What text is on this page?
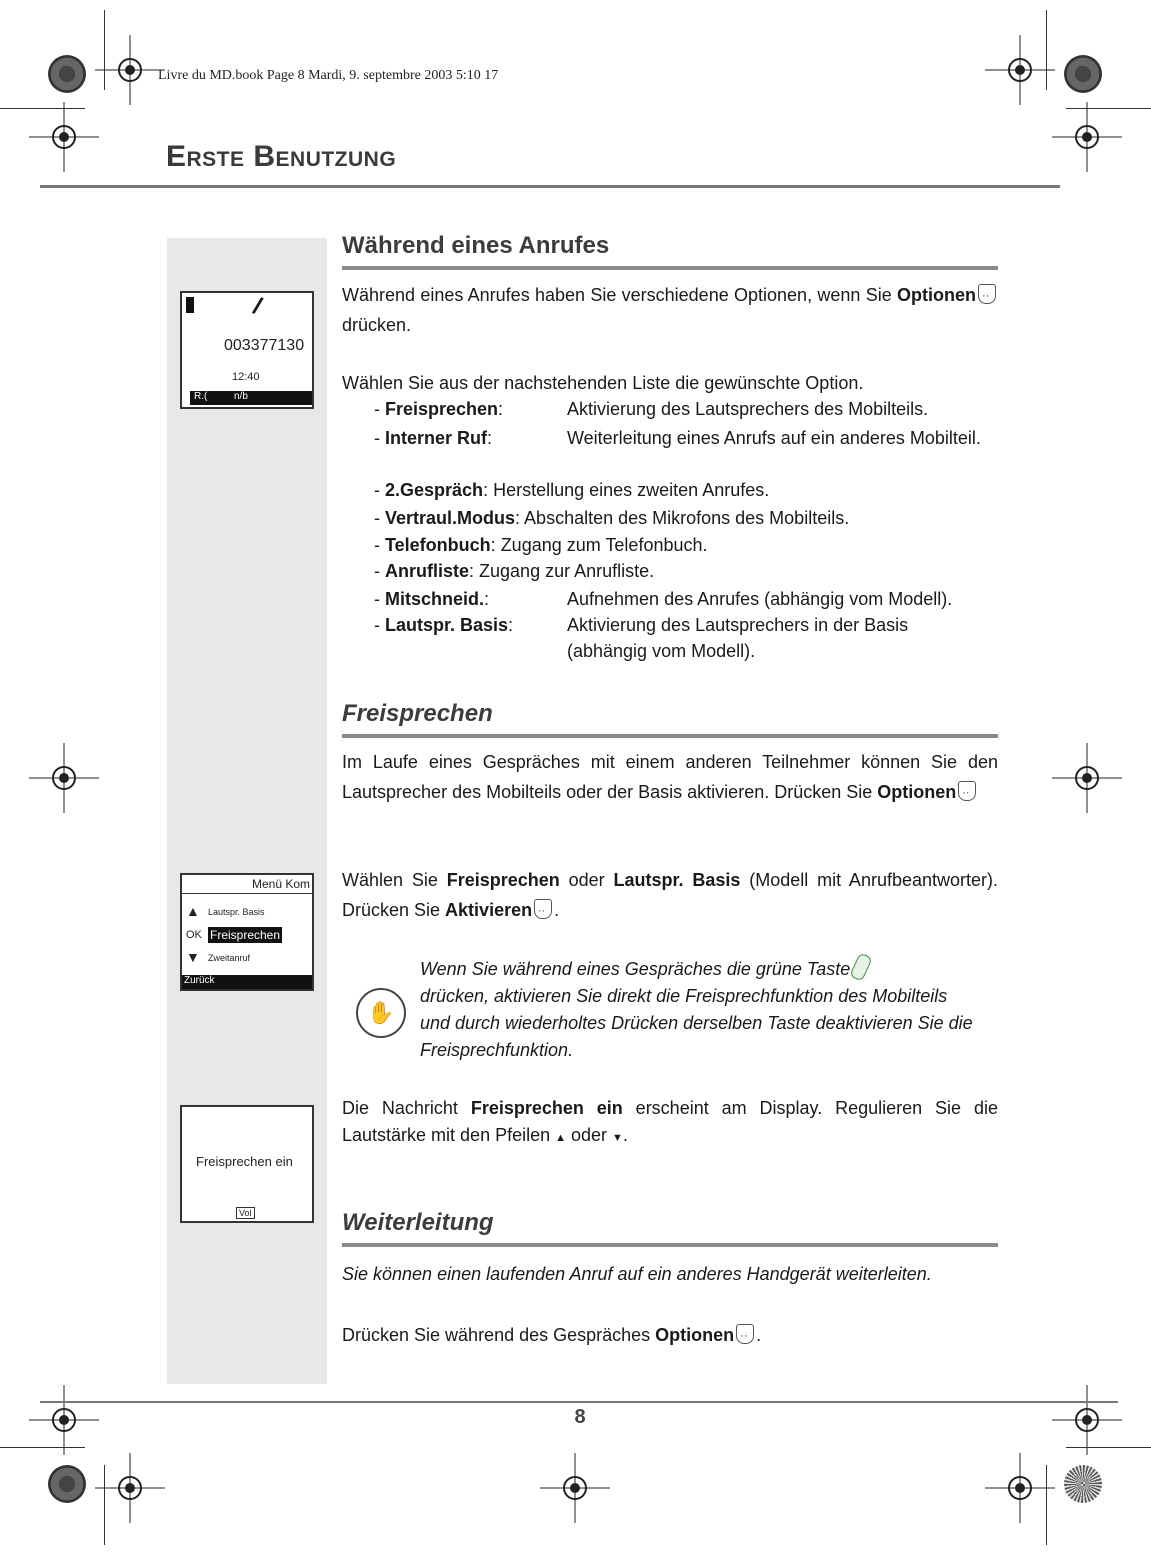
Livre du MD.book Page 8 Mardi, 9. septembre 2003 5:10 17
Erste Benutzung
/
003377130
12:40
R.(	n/b
Menü Kom
▲ Lautspr. Basis
OK Freisprechen
▼ Zweitanruf
Zurück
Freisprechen ein
Vol
Während eines Anrufes

Während eines Anrufes haben Sie verschiedene Optionen, wenn Sie Optionen·· drücken.

Wählen Sie aus der nachstehenden Liste die gewünschte Option.

- Freisprechen:	Aktivierung des Lautsprechers des Mobilteils.
- Interner Ruf:	Weiterleitung eines Anrufs auf ein anderes Mobilteil.
- 2.Gespräch: Herstellung eines zweiten Anrufes.
- Vertraul.Modus: Abschalten des Mikrofons des Mobilteils.
- Telefonbuch: Zugang zum Telefonbuch.
- Anrufliste: Zugang zur Anrufliste.
- Mitschneid.:	Aufnehmen des Anrufes (abhängig vom Modell).
- Lautspr. Basis:	Aktivierung des Lautsprechers in der Basis (abhängig vom Modell).
Freisprechen

Im Laufe eines Gespräches mit einem anderen Teilnehmer können Sie den Lautsprecher des Mobilteils oder der Basis aktivieren. Drücken Sie Optionen··

Wählen Sie Freisprechen oder Lautspr. Basis (Modell mit Anrufbeantworter). Drücken Sie Aktivieren ·· .

✋
Wenn Sie während eines Gespräches die grüne Taste
drücken, aktivieren Sie direkt die Freisprechfunktion des Mobilteils und durch wiederholtes Drücken derselben Taste deaktivieren Sie die Freisprechfunktion.

Die Nachricht Freisprechen ein erscheint am Display. Regulieren Sie die Lautstärke mit den Pfeilen ▲ oder ▼.

Weiterleitung

Sie können einen laufenden Anruf auf ein anderes Handgerät weiterleiten.

Drücken Sie während des Gespräches Optionen ·· .

8
